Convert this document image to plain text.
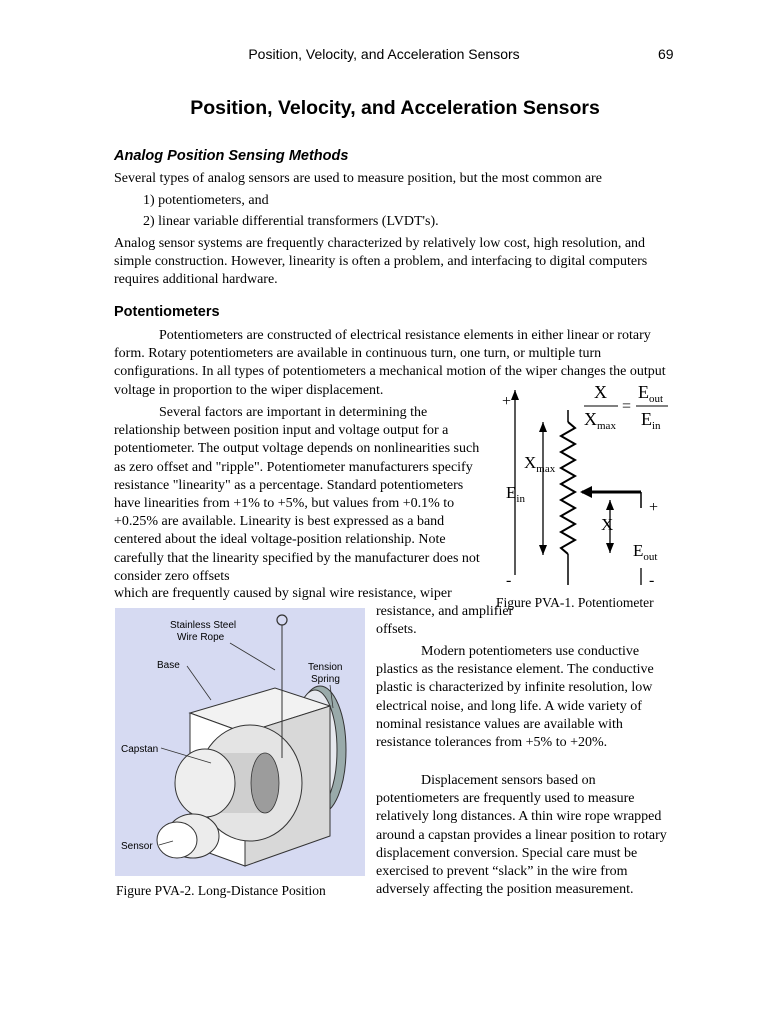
Position, Velocity, and Acceleration Sensors	69
Position, Velocity, and Acceleration Sensors
Analog Position Sensing Methods
Several types of analog sensors are used to measure position, but the most common are
1) potentiometers, and
2) linear variable differential transformers (LVDT's).
Analog sensor systems are frequently characterized by relatively low cost, high resolution, and simple construction. However, linearity is often a problem, and interfacing to digital computers requires additional hardware.
Potentiometers

Potentiometers are constructed of electrical resistance elements in either linear or rotary form. Rotary potentiometers are available in continuous turn, one turn, or multiple turn configurations. In all types of potentiometers a mechanical motion of the wiper changes the output voltage in proportion to the wiper displacement.

Several factors are important in determining the relationship between position input and voltage output for a potentiometer. The output voltage depends on nonlinearities such as zero offset and "ripple". Potentiometer manufacturers specify resistance "linearity" as a percentage. Standard potentiometers have linearities from +1% to +5%, but values from +0.1% to +0.25% are available. Linearity is best expressed as a band centered about the ideal voltage-position relationship. Note carefully that the linearity specified by the manufacturer does not consider zero offsets

which are frequently caused by signal wire resistance, wiper
resistance, and amplifier offsets.

Modern potentiometers use conductive plastics as the resistance element. The conductive plastic is characterized by infinite resolution, low electrical noise, and long life. A wide variety of nominal resistance values are available with resistance tolerances from +5% to +20%.

Displacement sensors based on potentiometers are frequently used to measure relatively long distances. A thin wire rope wrapped around a capstan provides a linear position to rotary displacement conversion. Special care must be exercised to prevent “slack” in the wire from adversely affecting the position measurement.

X
$X_{max}$
=
$E_{out}$
$E_{in}$
+
$E_{in}$
-
$X_{max}$
+
X
$E_{out}$
-
Figure PVA-1. Potentiometer
Stainless Steel
Wire Rope
Base	Tension
Spring
Capstan
Sensor
Figure PVA-2. Long-Distance Position
